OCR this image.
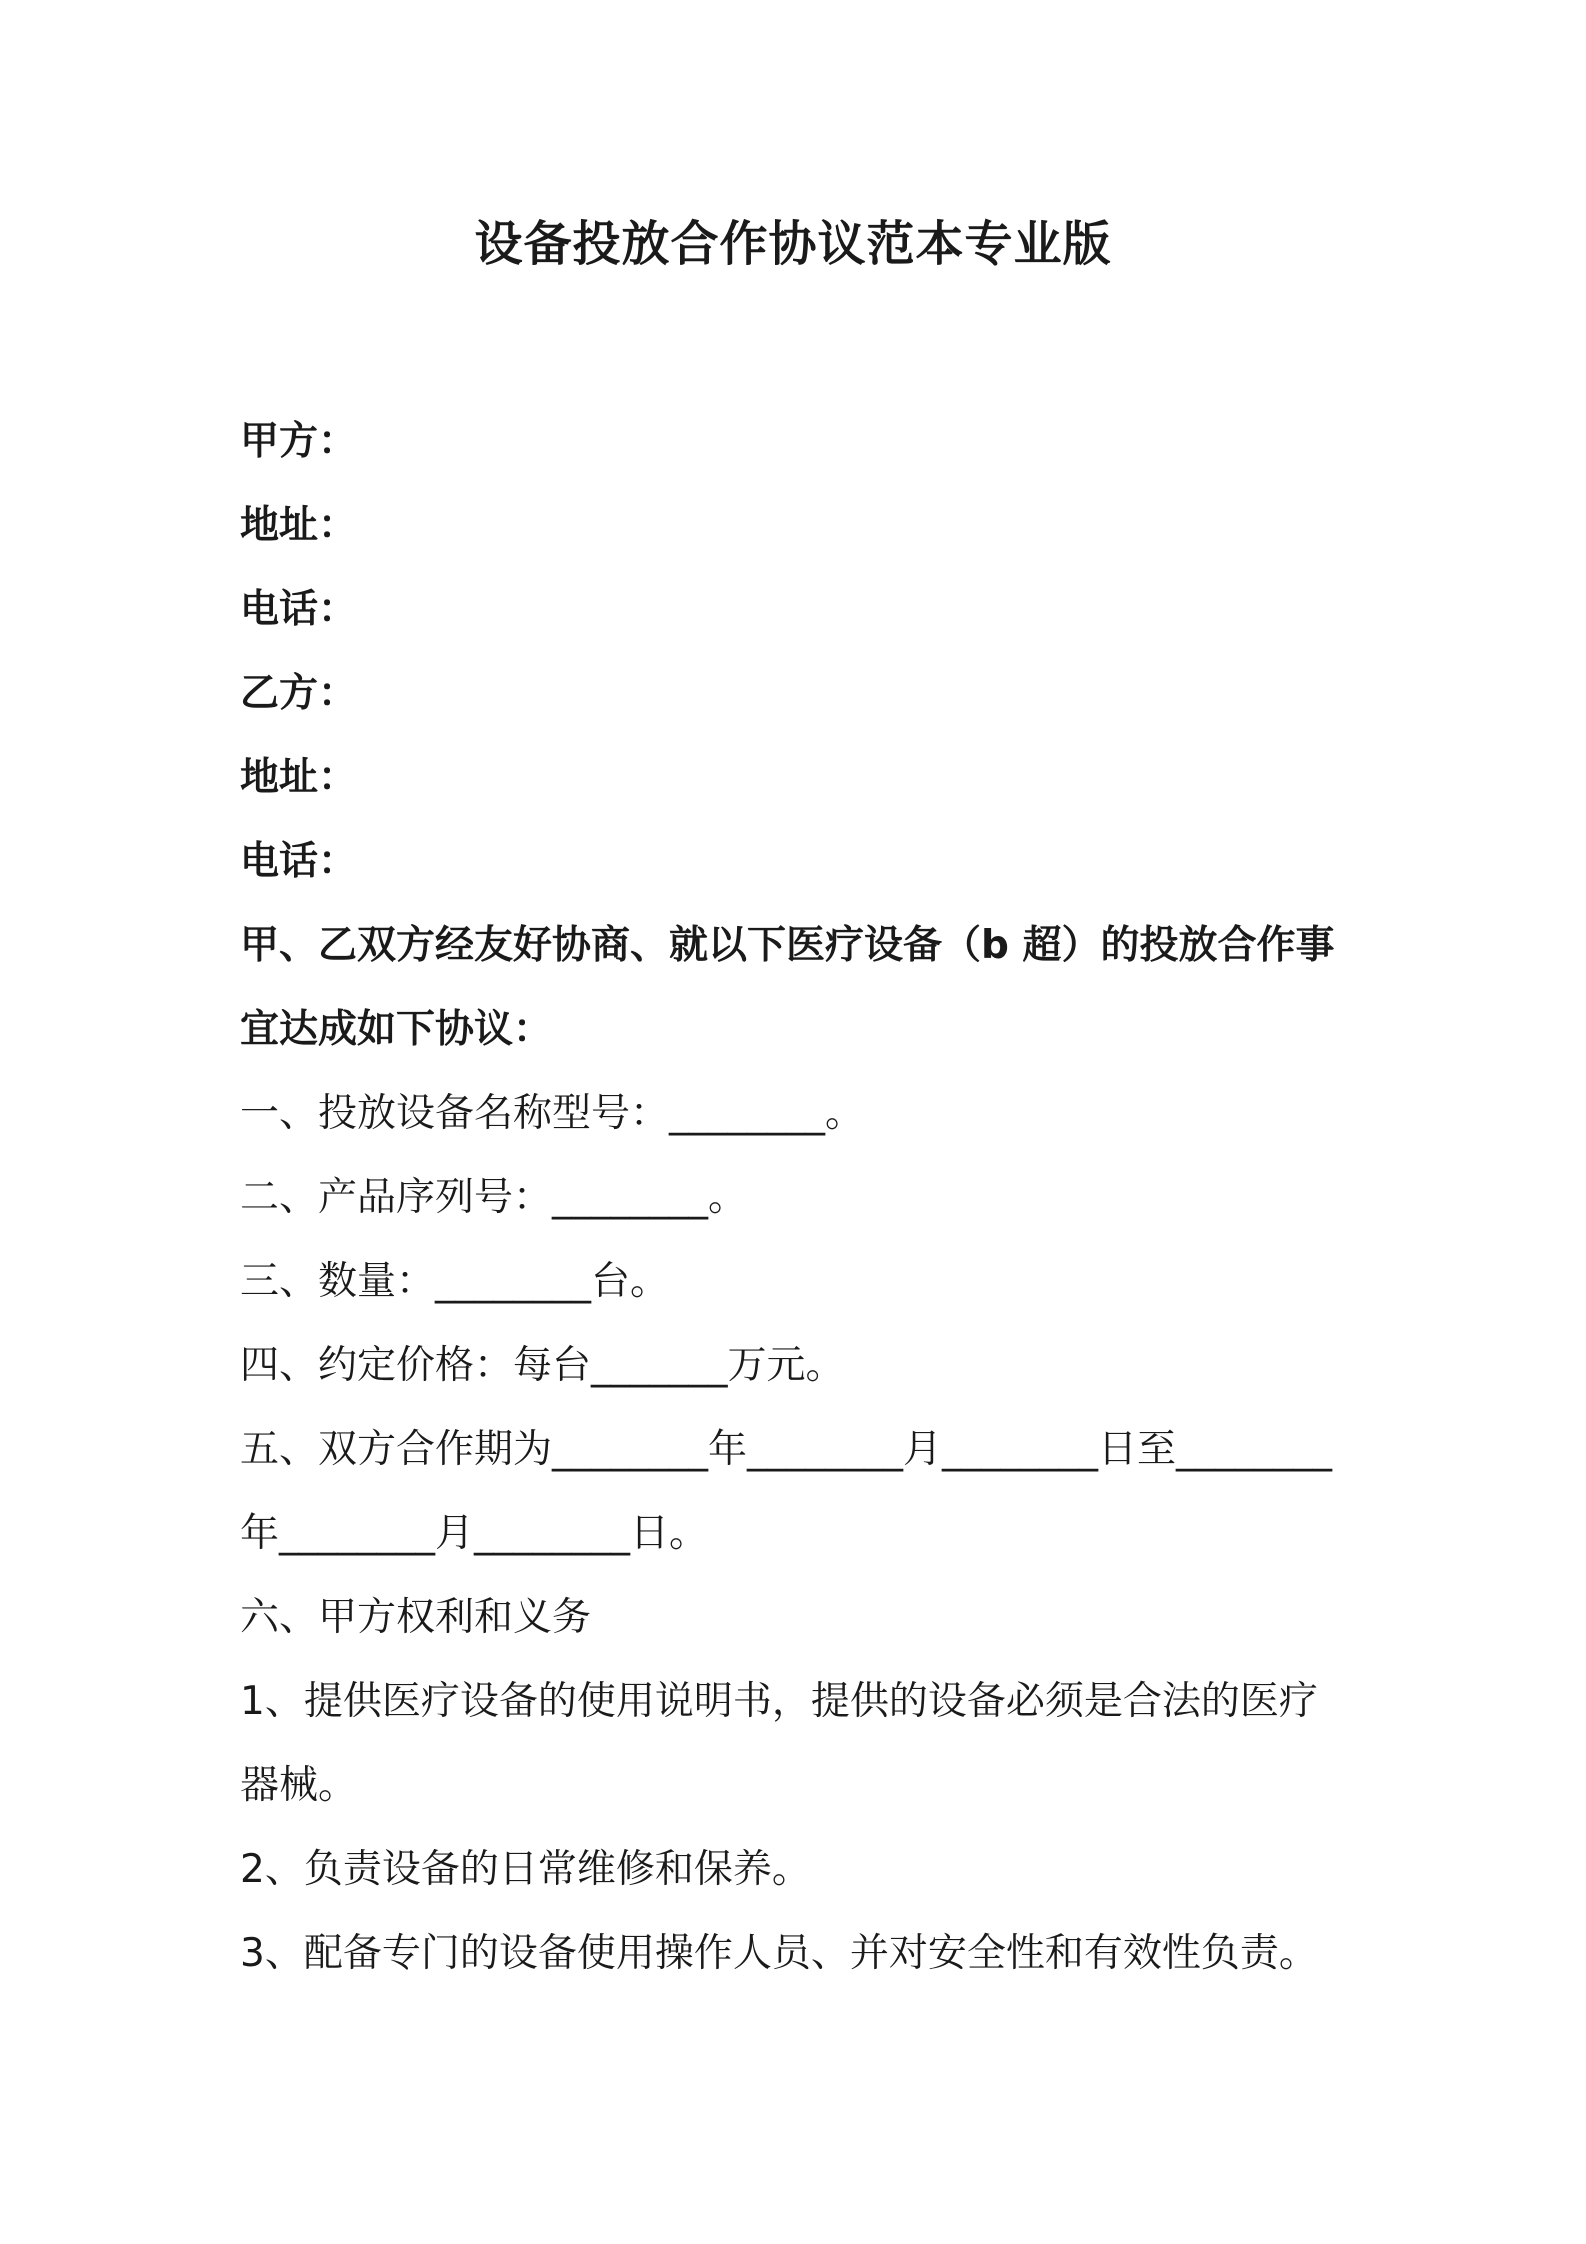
设备投放合作协议范本专业版

甲方：

地址：

电话：

乙方：

地址：

电话：

甲、乙双方经友好协商、就以下医疗设备（b 超）的投放合作事

宜达成如下协议：

一、投放设备名称型号：________。

二、产品序列号：________。

三、数量：________台。

四、约定价格：每台_______万元。

五、双方合作期为________年________月________日至________

年________月________日。

六、甲方权利和义务

1、提供医疗设备的使用说明书，提供的设备必须是合法的医疗

器械。

2、负责设备的日常维修和保养。

3、配备专门的设备使用操作人员、并对安全性和有效性负责。
